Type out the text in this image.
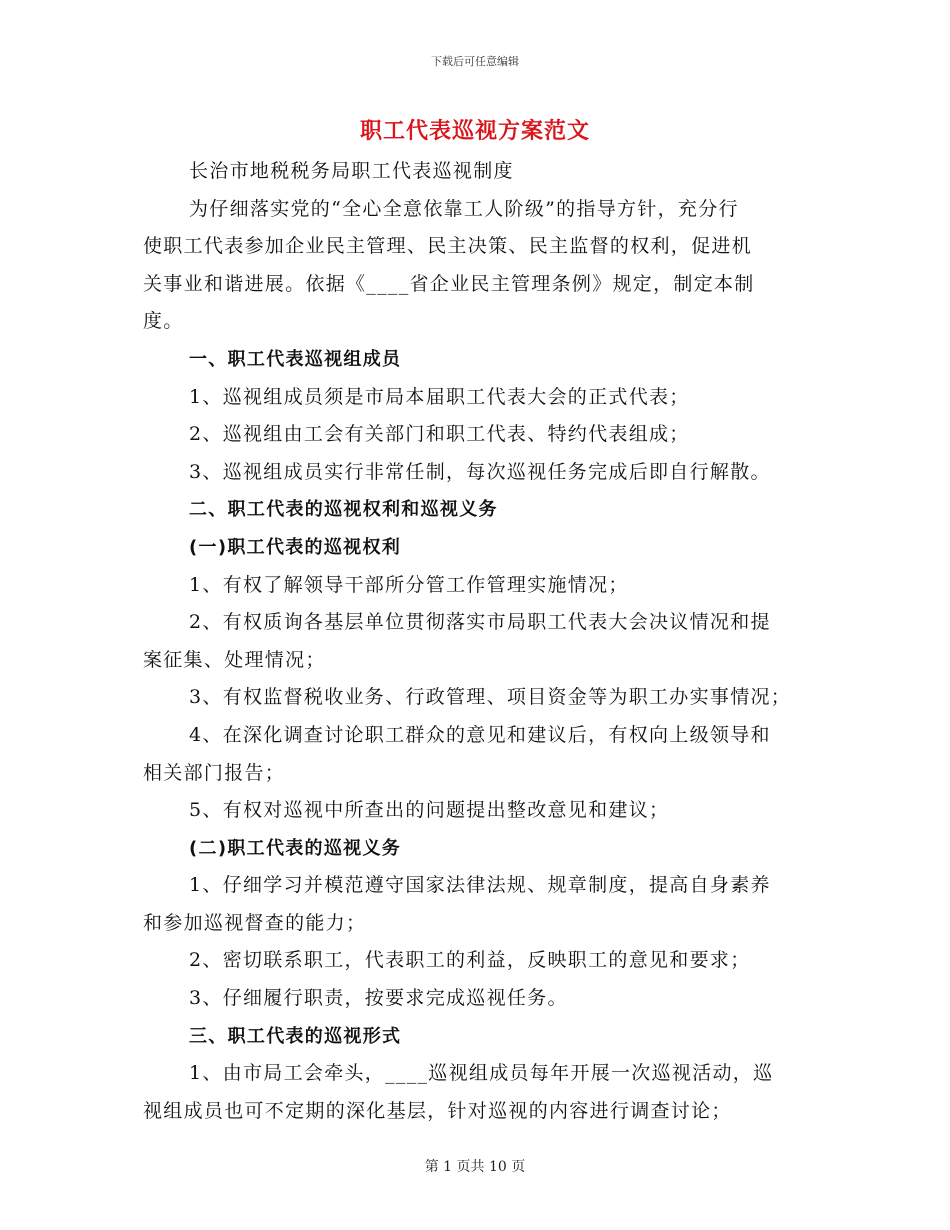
下载后可任意编辑
职工代表巡视方案范文
长治市地税税务局职工代表巡视制度
为仔细落实党的“全心全意依靠工人阶级”的指导方针，充分行
使职工代表参加企业民主管理、民主决策、民主监督的权利，促进机
关事业和谐进展。依据《____省企业民主管理条例》规定，制定本制
度。
一、职工代表巡视组成员
1、巡视组成员须是市局本届职工代表大会的正式代表；
2、巡视组由工会有关部门和职工代表、特约代表组成；
3、巡视组成员实行非常任制，每次巡视任务完成后即自行解散。
二、职工代表的巡视权利和巡视义务
(一)职工代表的巡视权利
1、有权了解领导干部所分管工作管理实施情况；
2、有权质询各基层单位贯彻落实市局职工代表大会决议情况和提
案征集、处理情况；
3、有权监督税收业务、行政管理、项目资金等为职工办实事情况；
4、在深化调查讨论职工群众的意见和建议后，有权向上级领导和
相关部门报告；
5、有权对巡视中所查出的问题提出整改意见和建议；
(二)职工代表的巡视义务
1、仔细学习并模范遵守国家法律法规、规章制度，提高自身素养
和参加巡视督查的能力；
2、密切联系职工，代表职工的利益，反映职工的意见和要求；
3、仔细履行职责，按要求完成巡视任务。
三、职工代表的巡视形式
1、由市局工会牵头，____巡视组成员每年开展一次巡视活动，巡
视组成员也可不定期的深化基层，针对巡视的内容进行调查讨论；
第 1 页共 10 页
